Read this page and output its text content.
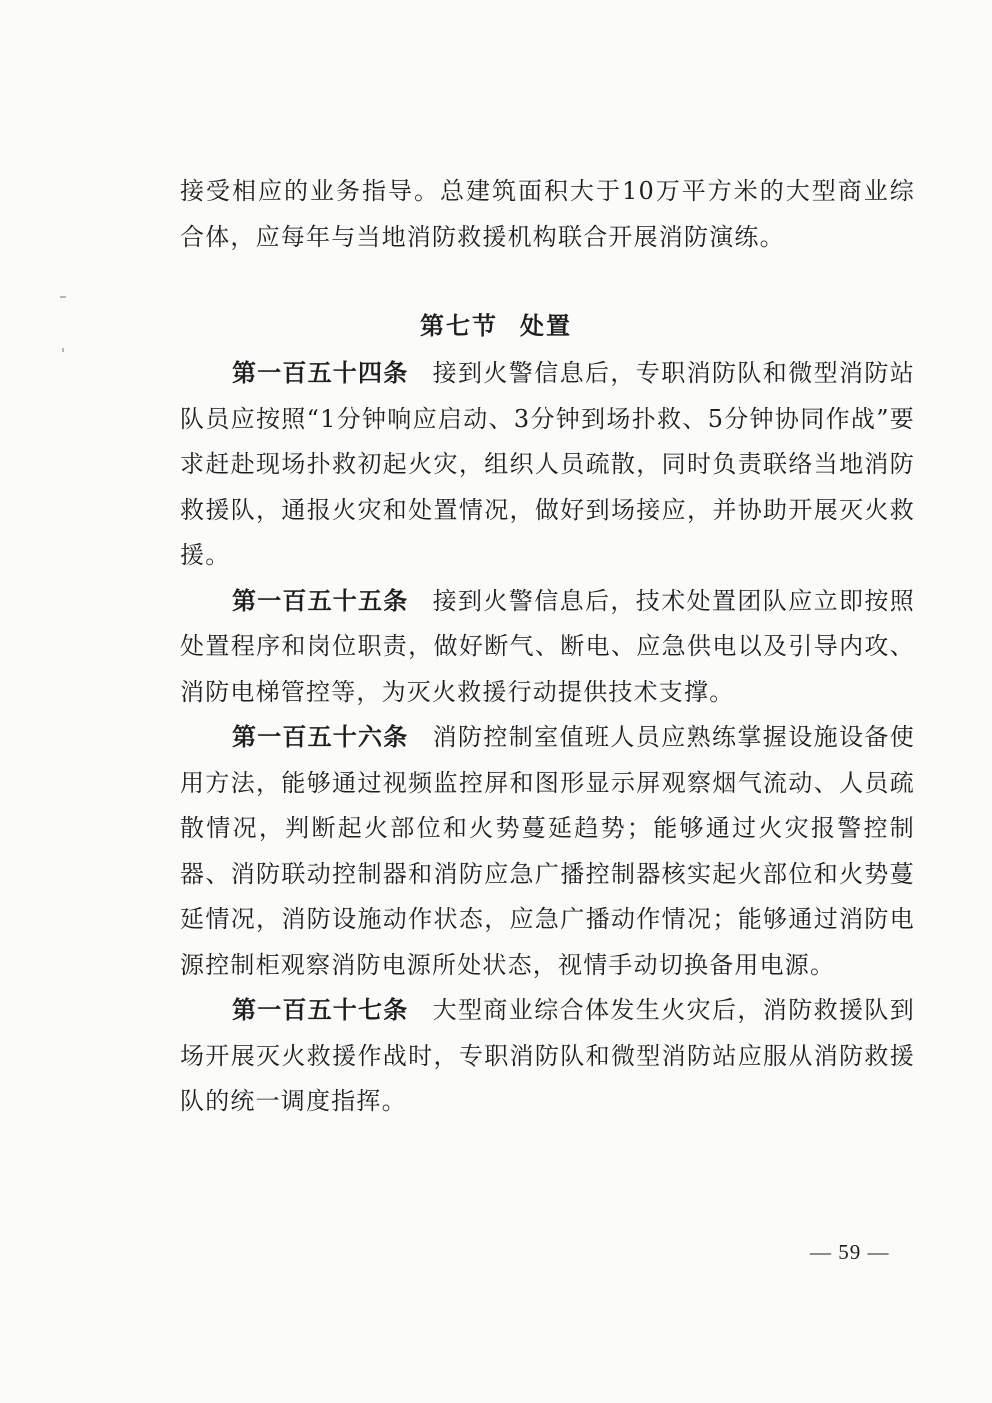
接受相应的业务指导。总建筑面积大于10万平方米的大型商业综合体，应每年与当地消防救援机构联合开展消防演练。

第七节 处置

第一百五十四条 接到火警信息后，专职消防队和微型消防站队员应按照“1分钟响应启动、3分钟到场扑救、5分钟协同作战”要求赶赴现场扑救初起火灾，组织人员疏散，同时负责联络当地消防救援队，通报火灾和处置情况，做好到场接应，并协助开展灭火救援。

第一百五十五条 接到火警信息后，技术处置团队应立即按照处置程序和岗位职责，做好断气、断电、应急供电以及引导内攻、消防电梯管控等，为灭火救援行动提供技术支撑。

第一百五十六条 消防控制室值班人员应熟练掌握设施设备使用方法，能够通过视频监控屏和图形显示屏观察烟气流动、人员疏散情况，判断起火部位和火势蔓延趋势；能够通过火灾报警控制器、消防联动控制器和消防应急广播控制器核实起火部位和火势蔓延情况，消防设施动作状态，应急广播动作情况；能够通过消防电源控制柜观察消防电源所处状态，视情手动切换备用电源。

第一百五十七条 大型商业综合体发生火灾后，消防救援队到场开展灭火救援作战时，专职消防队和微型消防站应服从消防救援队的统一调度指挥。

— 59 —
